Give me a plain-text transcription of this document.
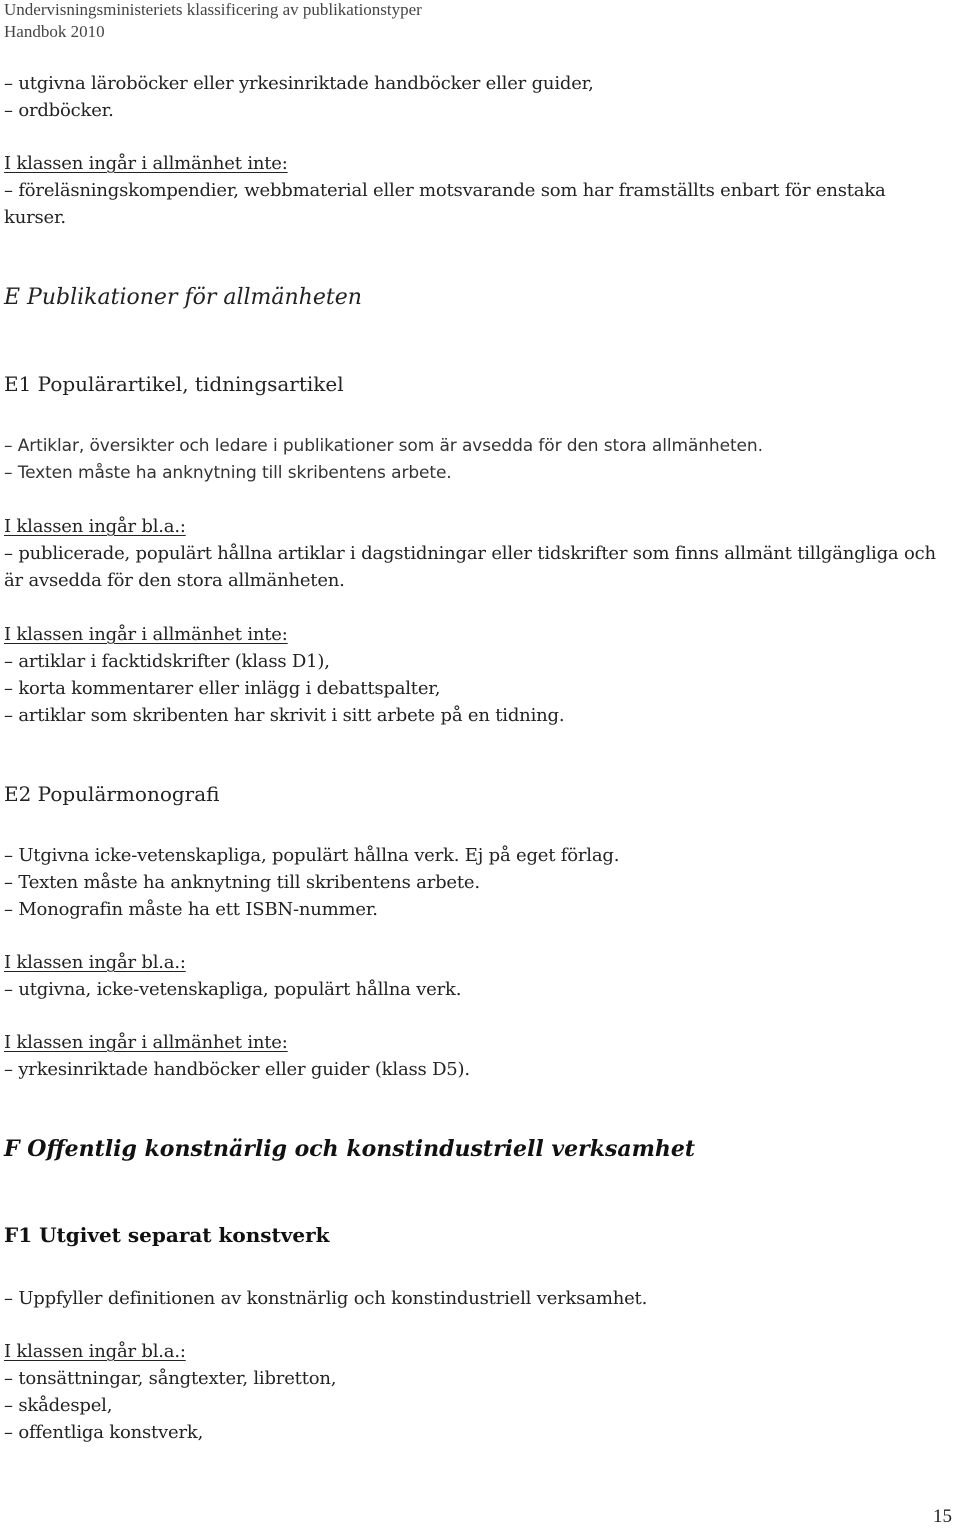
Undervisningsministeriets klassificering av publikationstyper
Handbok 2010
– utgivna läroböcker eller yrkesinriktade handböcker eller guider,
– ordböcker.
I klassen ingår i allmänhet inte:
– föreläsningskompendier, webbmaterial eller motsvarande som har framställts enbart för enstaka kurser.
E Publikationer för allmänheten
E1 Populärartikel, tidningsartikel
– Artiklar, översikter och ledare i publikationer som är avsedda för den stora allmänheten.
– Texten måste ha anknytning till skribentens arbete.
I klassen ingår bl.a.:
– publicerade, populärt hållna artiklar i dagstidningar eller tidskrifter som finns allmänt tillgängliga och är avsedda för den stora allmänheten.
I klassen ingår i allmänhet inte:
– artiklar i facktidskrifter (klass D1),
– korta kommentarer eller inlägg i debattspalter,
– artiklar som skribenten har skrivit i sitt arbete på en tidning.
E2 Populärmonografi
– Utgivna icke-vetenskapliga, populärt hållna verk. Ej på eget förlag.
– Texten måste ha anknytning till skribentens arbete.
– Monografin måste ha ett ISBN-nummer.
I klassen ingår bl.a.:
– utgivna, icke-vetenskapliga, populärt hållna verk.
I klassen ingår i allmänhet inte:
– yrkesinriktade handböcker eller guider (klass D5).
F Offentlig konstnärlig och konstindustriell verksamhet
F1 Utgivet separat konstverk
– Uppfyller definitionen av konstnärlig och konstindustriell verksamhet.
I klassen ingår bl.a.:
– tonsättningar, sångtexter, libretton,
– skådespel,
– offentliga konstverk,
15
